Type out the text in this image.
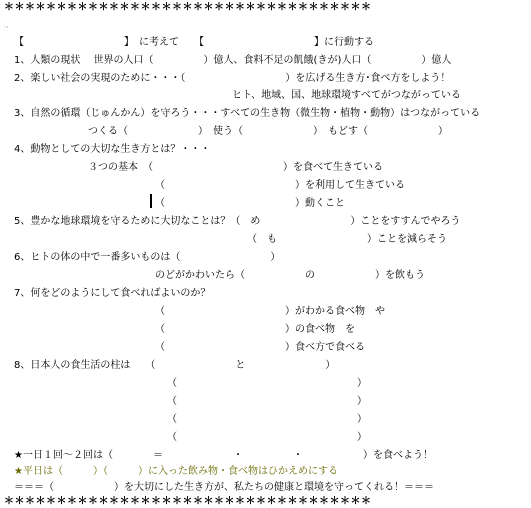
＊＊＊＊＊＊＊＊＊＊＊＊＊＊＊＊＊＊＊＊＊＊＊＊＊＊＊＊＊＊＊＊＊＊＊
.,
【　　　　　　　　　　】　に考えて　　【　　　　　　　　　　　】に行動する
1、人類の現状　 世界の人口（　　　　　）億人、食料不足の飢餓(きが)人口（　　　　　）億人
2、楽しい社会の実現のために・・・（　　　　　　　　　　）を広げる生き方･食べ方をしよう！
ヒト、地域、国、地球環境すべてがつながっている
3、自然の循環（じゅんかん）を守ろう・・・すべての生き物（微生物・植物・動物）はつながっている
つくる（　　　　　　　）　使う（　　　　　　　）　もどす（　　　　　　　）
4、動物としての大切な生き方とは？・・・
３つの基本　（　　　　　　　　　　　　　）を食べて生きている
（　　　　　　　　　　　　　）を利用して生きている
（　　　　　　　　　　　　　）動くこと
5、豊かな地球環境を守るために大切なことは？（　め　　　　　　　　　）ことをすすんでやろう
（　も　　　　　　　　　）ことを減らそう
6、ヒトの体の中で一番多いものは（　　　　　　　　　）
のどがかわいたら（　　　　　　の　　　　　　）を飲もう
7、何をどのようにして食べればよいのか？
（　　　　　　　　　　　　）がわかる食べ物　や
（　　　　　　　　　　　　）の食べ物　を
（　　　　　　　　　　　　）食べ方で食べる
8、日本人の食生活の柱は　　（　　　　　　　　と　　　　　　　　）
（　　　　　　　　　　　　　　　　　　）
（　　　　　　　　　　　　　　　　　　）
（　　　　　　　　　　　　　　　　　　）
（　　　　　　　　　　　　　　　　　　）
★一日１回～２回は（　　　　＝　　　　　　　・　　　　　・　　　　　　）を食べよう！
★平日は（　　　）（　　　）に入った飲み物・食べ物はひかえめにする
＝＝＝（　　　　　　）を大切にした生き方が、私たちの健康と環境を守ってくれる！＝＝＝
＊＊＊＊＊＊＊＊＊＊＊＊＊＊＊＊＊＊＊＊＊＊＊＊＊＊＊＊＊＊＊＊＊＊＊
